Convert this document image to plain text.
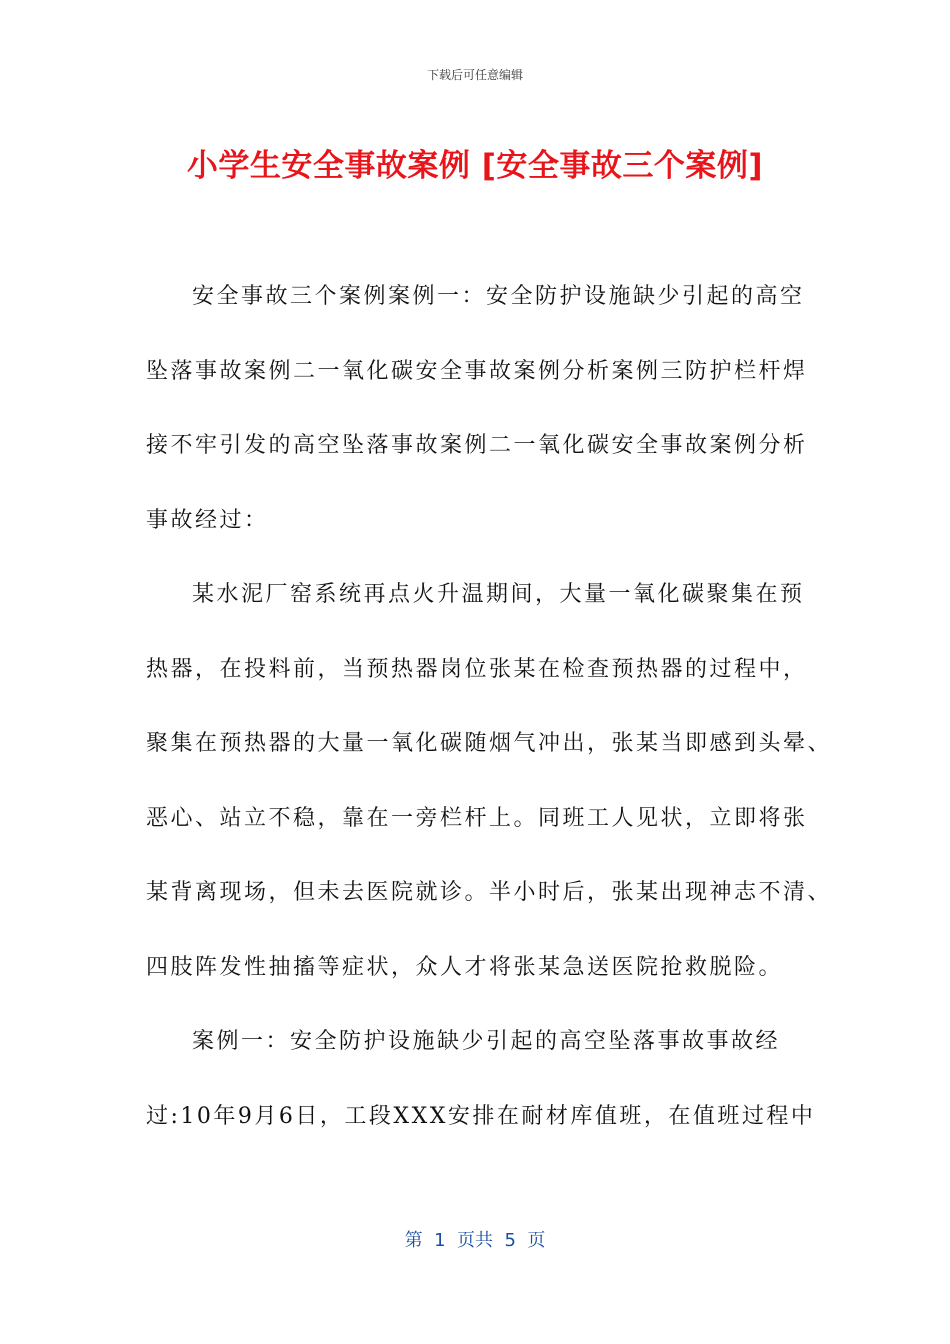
下载后可任意编辑
小学生安全事故案例 [安全事故三个案例]
安全事故三个案例案例一：安全防护设施缺少引起的高空
坠落事故案例二一氧化碳安全事故案例分析案例三防护栏杆焊
接不牢引发的高空坠落事故案例二一氧化碳安全事故案例分析
事故经过：
某水泥厂窑系统再点火升温期间，大量一氧化碳聚集在预
热器，在投料前，当预热器岗位张某在检查预热器的过程中，
聚集在预热器的大量一氧化碳随烟气冲出，张某当即感到头晕、
恶心、站立不稳，靠在一旁栏杆上。同班工人见状，立即将张
某背离现场，但未去医院就诊。半小时后，张某出现神志不清、
四肢阵发性抽搐等症状，众人才将张某急送医院抢救脱险。
案例一：安全防护设施缺少引起的高空坠落事故事故经
过:10年9月6日，工段XXX安排在耐材库值班，在值班过程中
第  1  页共  5  页
